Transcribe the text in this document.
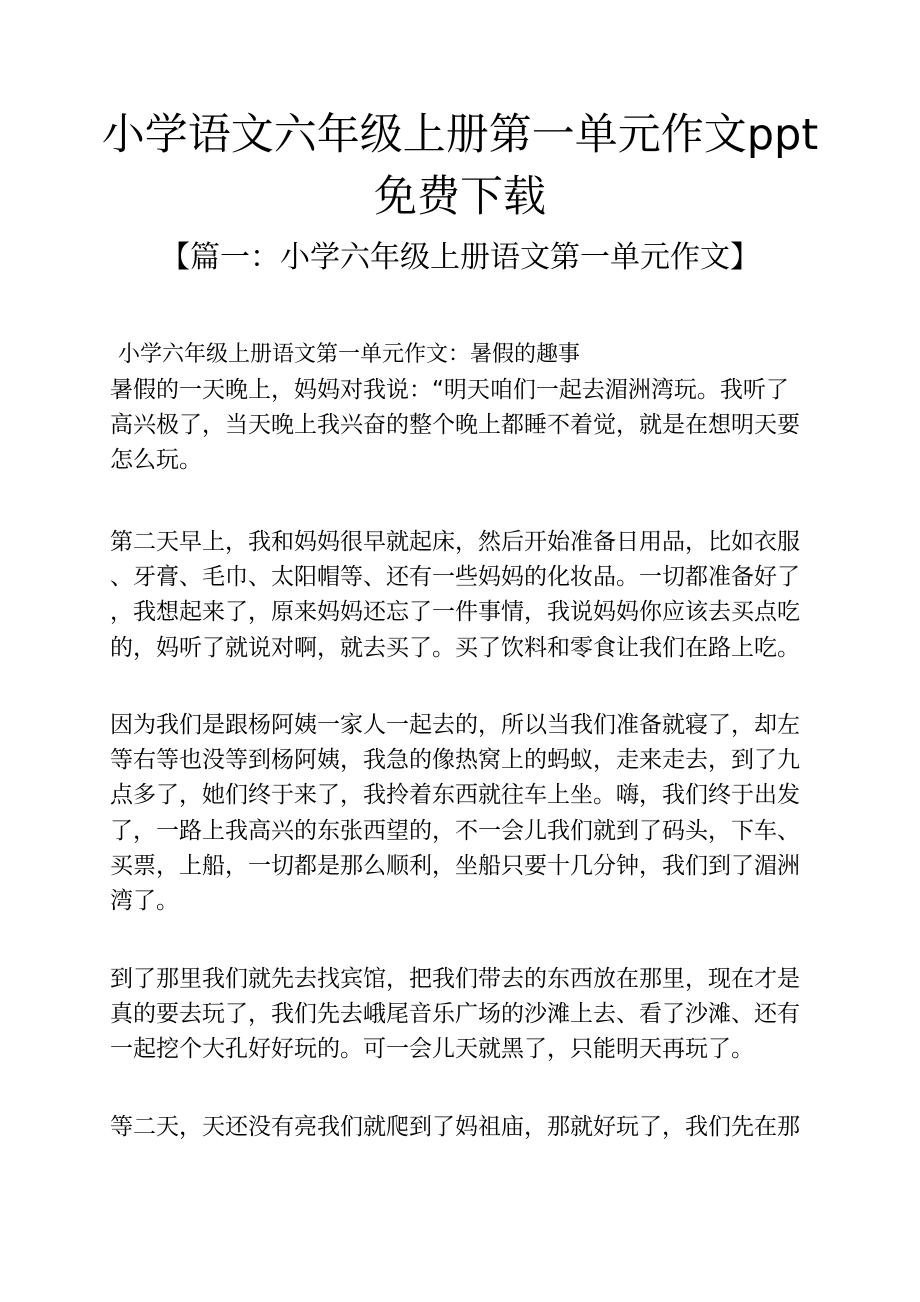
小学语文六年级上册第一单元作文ppt
免费下载
【篇一：小学六年级上册语文第一单元作文】
小学六年级上册语文第一单元作文：暑假的趣事

暑假的一天晚上，妈妈对我说：“明天咱们一起去湄洲湾玩。我听了
高兴极了，当天晚上我兴奋的整个晚上都睡不着觉，就是在想明天要
怎么玩。

第二天早上，我和妈妈很早就起床，然后开始准备日用品，比如衣服
、牙膏、毛巾、太阳帽等、还有一些妈妈的化妆品。一切都准备好了
，我想起来了，原来妈妈还忘了一件事情，我说妈妈你应该去买点吃
的，妈听了就说对啊，就去买了。买了饮料和零食让我们在路上吃。

因为我们是跟杨阿姨一家人一起去的，所以当我们准备就寝了，却左
等右等也没等到杨阿姨，我急的像热窝上的蚂蚁，走来走去，到了九
点多了，她们终于来了，我拎着东西就往车上坐。嗨，我们终于出发
了，一路上我高兴的东张西望的，不一会儿我们就到了码头，下车、
买票，上船，一切都是那么顺利，坐船只要十几分钟，我们到了湄洲
湾了。

到了那里我们就先去找宾馆，把我们带去的东西放在那里，现在才是
真的要去玩了，我们先去峨尾音乐广场的沙滩上去、看了沙滩、还有
一起挖个大孔好好玩的。可一会儿天就黑了，只能明天再玩了。

等二天，天还没有亮我们就爬到了妈祖庙，那就好玩了，我们先在那
